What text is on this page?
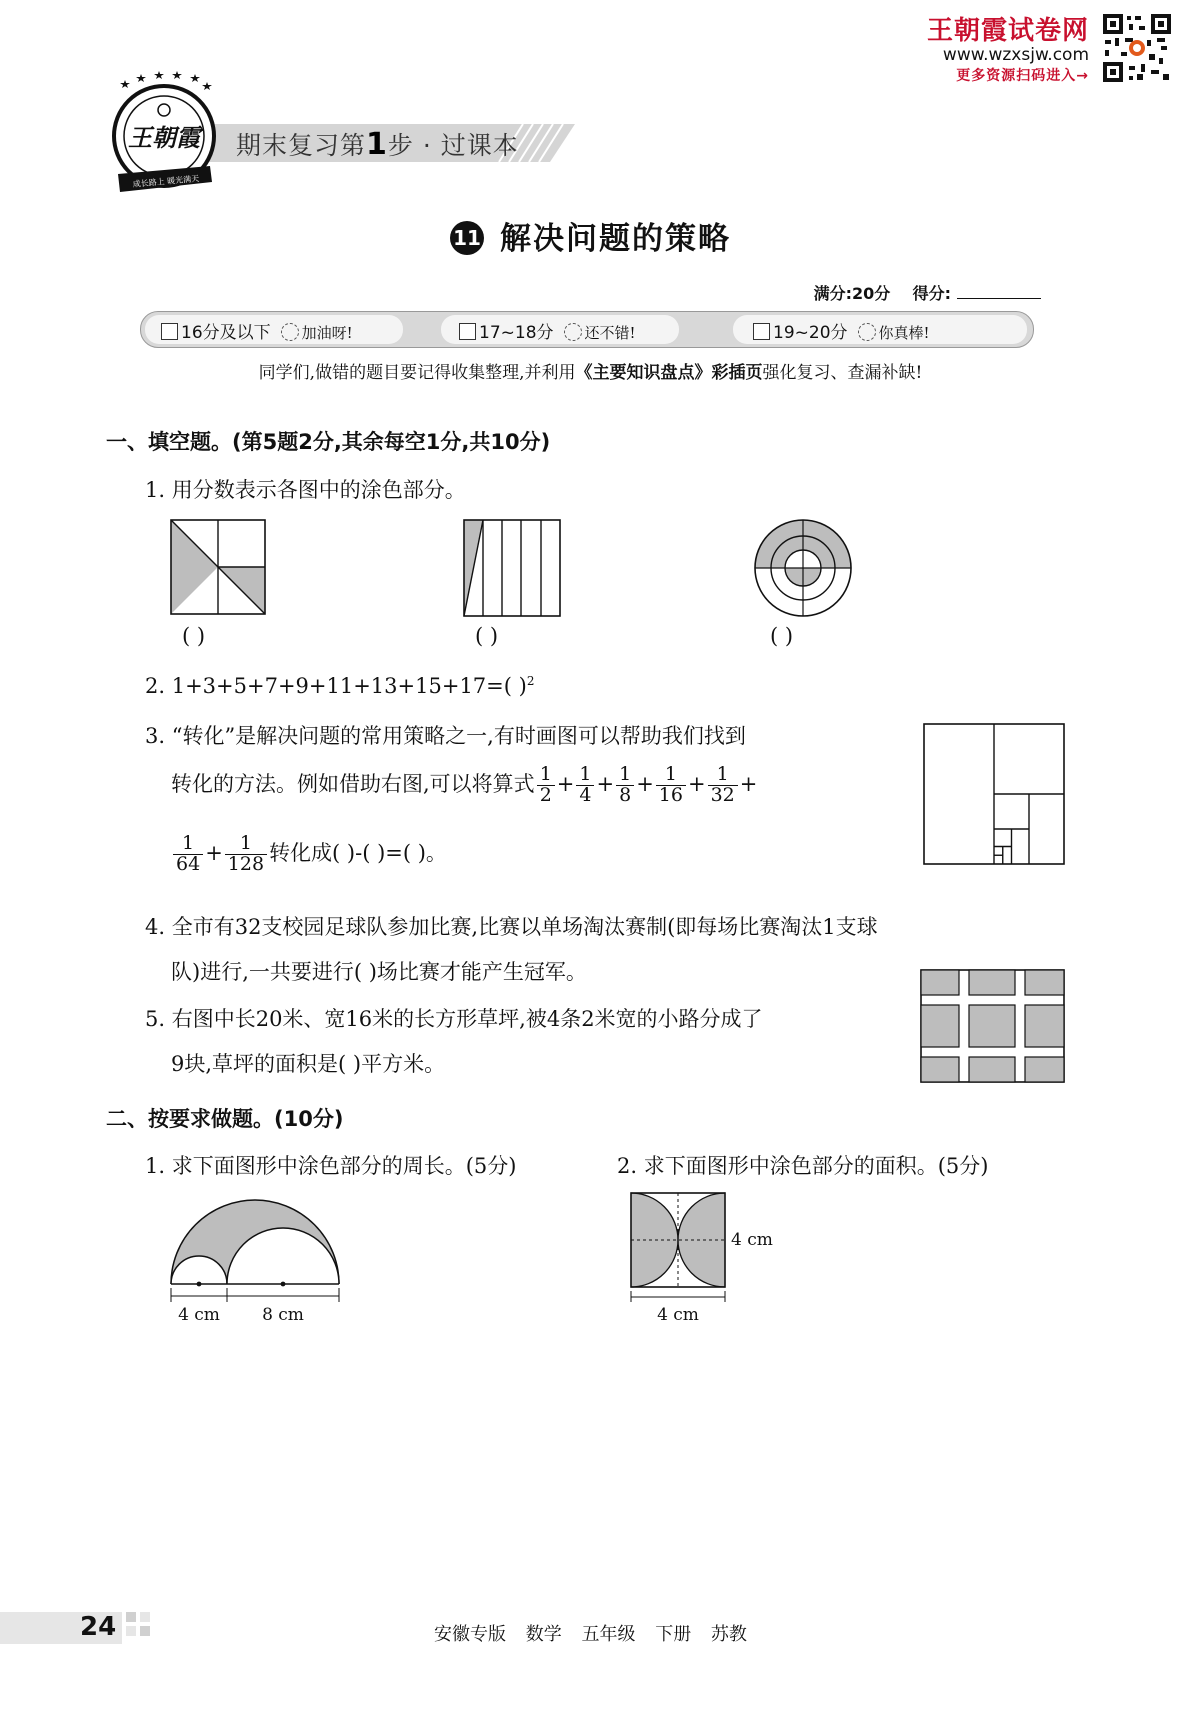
王朝霞试卷网
www.wzxsjw.com
更多资源扫码进入→
期末复习第1步 · 过课本
王朝霞
成长路上 暖光满天
11 解决问题的策略
满分:20分 得分:
16分及以下 加油呀!	17~18分 还不错!	19~20分 你真棒!
同学们,做错的题目要记得收集整理,并利用《主要知识盘点》彩插页强化复习、查漏补缺!
一、填空题。(第5题2分,其余每空1分,共10分)
1. 用分数表示各图中的涂色部分。
( )	( )	( )
2. 1+3+5+7+9+11+13+15+17=( )$^2$
3. “转化”是解决问题的常用策略之一,有时画图可以帮助我们找到
转化的方法。例如借助右图,可以将算式 $\frac{1}{2} + \frac{1}{4} + \frac{1}{8} + \frac{1}{16} + \frac{1}{32}$ +
$\frac{1}{64} + \frac{1}{128}$ 转化成( )-( )=( )。
4. 全市有32支校园足球队参加比赛,比赛以单场淘汰赛制(即每场比赛淘汰1支球
队)进行,一共要进行( )场比赛才能产生冠军。
5. 右图中长20米、宽16米的长方形草坪,被4条2米宽的小路分成了
9块,草坪的面积是( )平方米。
二、按要求做题。(10分)
1. 求下面图形中涂色部分的周长。(5分)	2. 求下面图形中涂色部分的面积。(5分)
4 cm 8 cm	4 cm
4 cm
24	安徽专版 数学 五年级 下册 苏教
